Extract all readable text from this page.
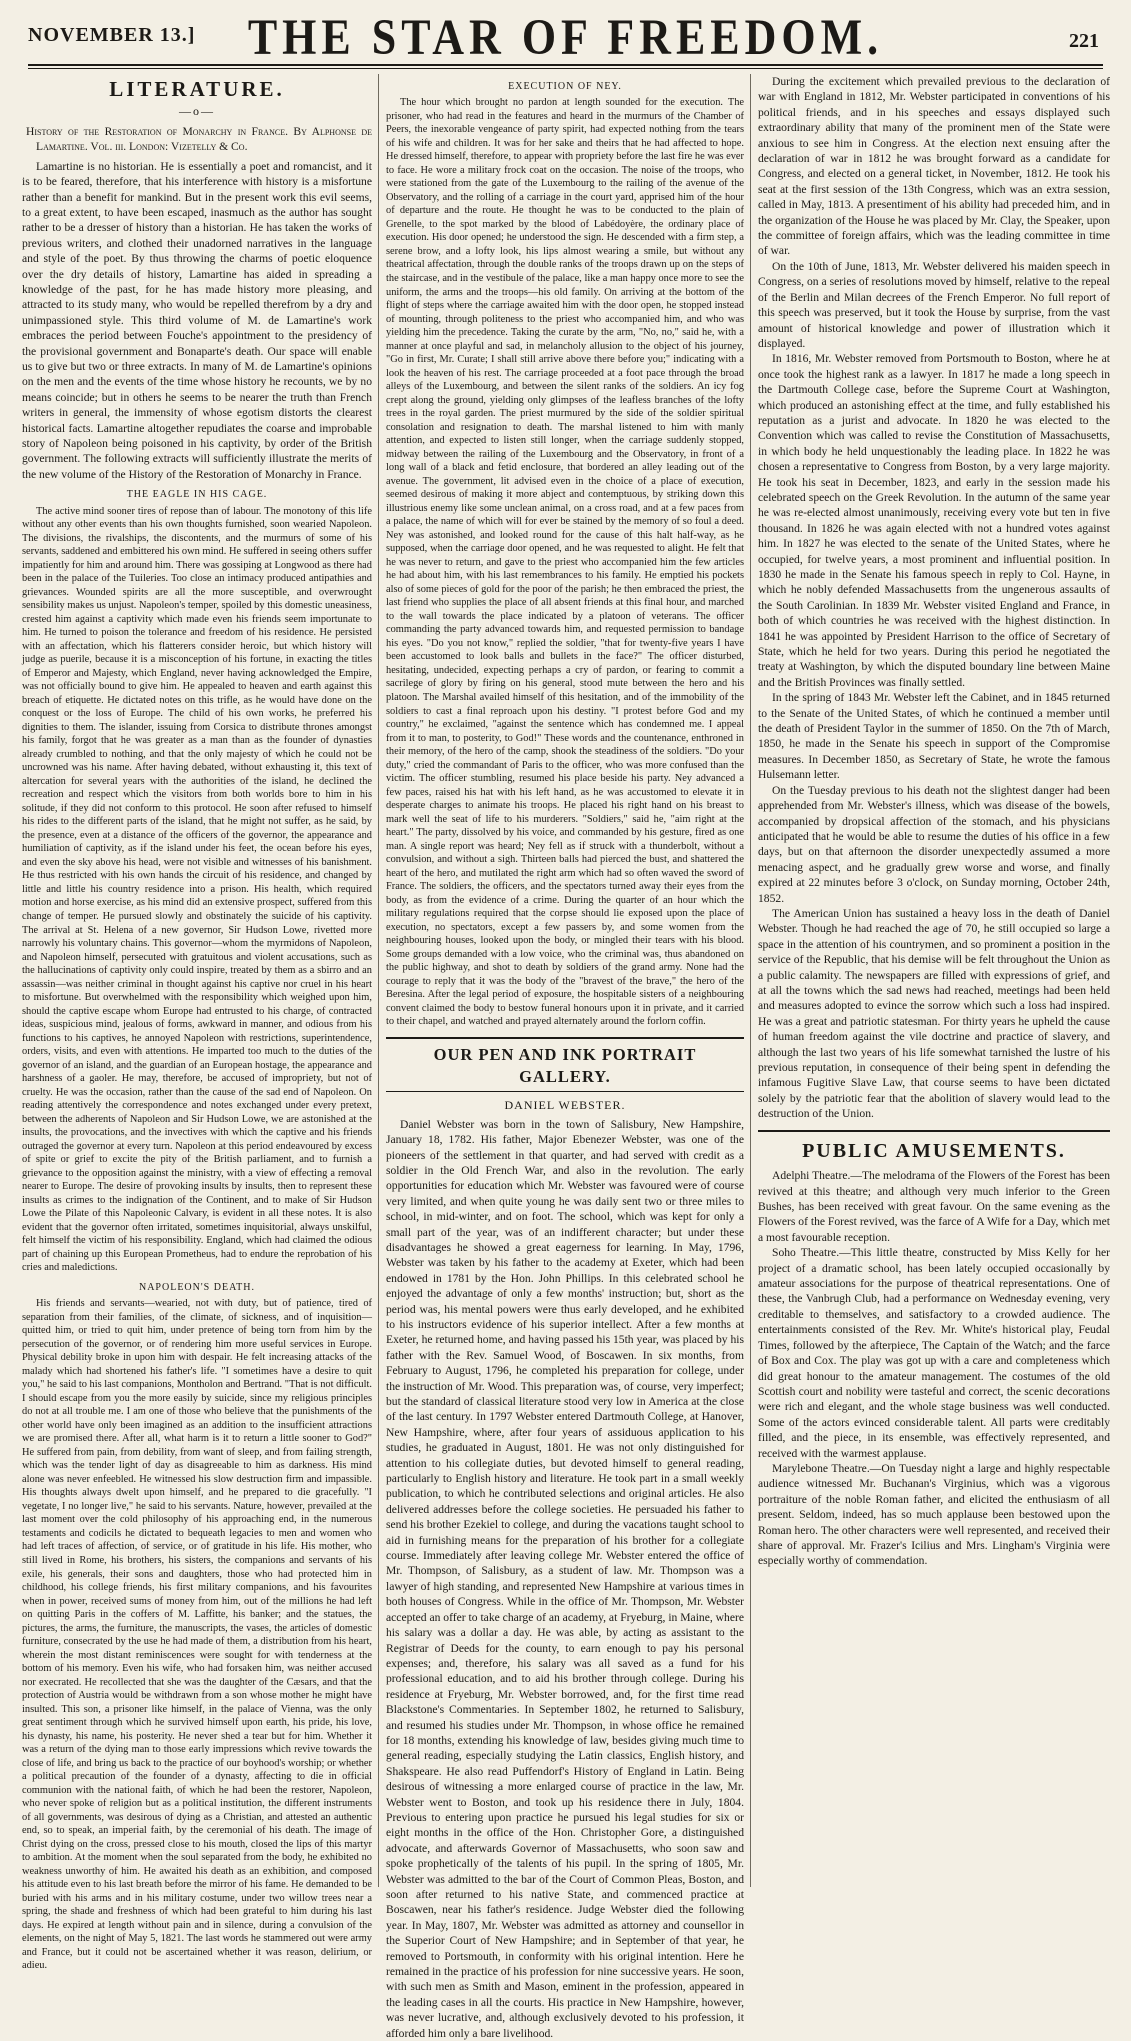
NOVEMBER 13.]	THE STAR OF FREEDOM.	221
LITERATURE.
—o—

History of the Restoration of Monarchy in France. By Alphonse de Lamartine. Vol. iii. London: Vizetelly & Co.

Lamartine is no historian. He is essentially a poet and romancist, and it is to be feared, therefore, that his interference with history is a misfortune rather than a benefit for mankind. But in the present work this evil seems, to a great extent, to have been escaped, inasmuch as the author has sought rather to be a dresser of history than a historian. He has taken the works of previous writers, and clothed their unadorned narratives in the language and style of the poet. By thus throwing the charms of poetic eloquence over the dry details of history, Lamartine has aided in spreading a knowledge of the past, for he has made history more pleasing, and attracted to its study many, who would be repelled therefrom by a dry and unimpassioned style. This third volume of M. de Lamartine's work embraces the period between Fouche's appointment to the presidency of the provisional government and Bonaparte's death. Our space will enable us to give but two or three extracts. In many of M. de Lamartine's opinions on the men and the events of the time whose history he recounts, we by no means coincide; but in others he seems to be nearer the truth than French writers in general, the immensity of whose egotism distorts the clearest historical facts. Lamartine altogether repudiates the coarse and improbable story of Napoleon being poisoned in his captivity, by order of the British government. The following extracts will sufficiently illustrate the merits of the new volume of the History of the Restoration of Monarchy in France.

THE EAGLE IN HIS CAGE.

The active mind sooner tires of repose than of labour. The monotony of this life without any other events than his own thoughts furnished, soon wearied Napoleon. The divisions, the rivalships, the discontents, and the murmurs of some of his servants, saddened and embittered his own mind. He suffered in seeing others suffer impatiently for him and around him. There was gossiping at Longwood as there had been in the palace of the Tuileries. Too close an intimacy produced antipathies and grievances. Wounded spirits are all the more susceptible, and overwrought sensibility makes us unjust. Napoleon's temper, spoiled by this domestic uneasiness, crested him against a captivity which made even his friends seem importunate to him. He turned to poison the tolerance and freedom of his residence. He persisted with an affectation, which his flatterers consider heroic, but which history will judge as puerile, because it is a misconception of his fortune, in exacting the titles of Emperor and Majesty, which England, never having acknowledged the Empire, was not officially bound to give him. He appealed to heaven and earth against this breach of etiquette. He dictated notes on this trifle, as he would have done on the conquest or the loss of Europe. The child of his own works, he preferred his dignities to them. The islander, issuing from Corsica to distribute thrones amongst his family, forgot that he was greater as a man than as the founder of dynasties already crumbled to nothing, and that the only majesty of which he could not be uncrowned was his name. After having debated, without exhausting it, this text of altercation for several years with the authorities of the island, he declined the recreation and respect which the visitors from both worlds bore to him in his solitude, if they did not conform to this protocol. He soon after refused to himself his rides to the different parts of the island, that he might not suffer, as he said, by the presence, even at a distance of the officers of the governor, the appearance and humiliation of captivity, as if the island under his feet, the ocean before his eyes, and even the sky above his head, were not visible and witnesses of his banishment. He thus restricted with his own hands the circuit of his residence, and changed by little and little his country residence into a prison. His health, which required motion and horse exercise, as his mind did an extensive prospect, suffered from this change of temper. He pursued slowly and obstinately the suicide of his captivity. The arrival at St. Helena of a new governor, Sir Hudson Lowe, rivetted more narrowly his voluntary chains. This governor—whom the myrmidons of Napoleon, and Napoleon himself, persecuted with gratuitous and violent accusations, such as the hallucinations of captivity only could inspire, treated by them as a sbirro and an assassin—was neither criminal in thought against his captive nor cruel in his heart to misfortune. But overwhelmed with the responsibility which weighed upon him, should the captive escape whom Europe had entrusted to his charge, of contracted ideas, suspicious mind, jealous of forms, awkward in manner, and odious from his functions to his captives, he annoyed Napoleon with restrictions, superintendence, orders, visits, and even with attentions. He imparted too much to the duties of the governor of an island, and the guardian of an European hostage, the appearance and harshness of a gaoler. He may, therefore, be accused of impropriety, but not of cruelty. He was the occasion, rather than the cause of the sad end of Napoleon. On reading attentively the correspondence and notes exchanged under every pretext, between the adherents of Napoleon and Sir Hudson Lowe, we are astonished at the insults, the provocations, and the invectives with which the captive and his friends outraged the governor at every turn. Napoleon at this period endeavoured by excess of spite or grief to excite the pity of the British parliament, and to furnish a grievance to the opposition against the ministry, with a view of effecting a removal nearer to Europe. The desire of provoking insults by insults, then to represent these insults as crimes to the indignation of the Continent, and to make of Sir Hudson Lowe the Pilate of this Napoleonic Calvary, is evident in all these notes. It is also evident that the governor often irritated, sometimes inquisitorial, always unskilful, felt himself the victim of his responsibility. England, which had claimed the odious part of chaining up this European Prometheus, had to endure the reprobation of his cries and maledictions.

NAPOLEON'S DEATH.

His friends and servants—wearied, not with duty, but of patience, tired of separation from their families, of the climate, of sickness, and of inquisition—quitted him, or tried to quit him, under pretence of being torn from him by the persecution of the governor, or of rendering him more useful services in Europe. Physical debility broke in upon him with despair. He felt increasing attacks of the malady which had shortened his father's life. "I sometimes have a desire to quit you," he said to his last companions, Montholon and Bertrand. "That is not difficult. I should escape from you the more easily by suicide, since my religious principles do not at all trouble me. I am one of those who believe that the punishments of the other world have only been imagined as an addition to the insufficient attractions we are promised there. After all, what harm is it to return a little sooner to God?" He suffered from pain, from debility, from want of sleep, and from failing strength, which was the tender light of day as disagreeable to him as darkness. His mind alone was never enfeebled. He witnessed his slow destruction firm and impassible. His thoughts always dwelt upon himself, and he prepared to die gracefully. "I vegetate, I no longer live," he said to his servants. Nature, however, prevailed at the last moment over the cold philosophy of his approaching end, in the numerous testaments and codicils he dictated to bequeath legacies to men and women who had left traces of affection, of service, or of gratitude in his life. His mother, who still lived in Rome, his brothers, his sisters, the companions and servants of his exile, his generals, their sons and daughters, those who had protected him in childhood, his college friends, his first military companions, and his favourites when in power, received sums of money from him, out of the millions he had left on quitting Paris in the coffers of M. Laffitte, his banker; and the statues, the pictures, the arms, the furniture, the manuscripts, the vases, the articles of domestic furniture, consecrated by the use he had made of them, a distribution from his heart, wherein the most distant reminiscences were sought for with tenderness at the bottom of his memory. Even his wife, who had forsaken him, was neither accused nor execrated. He recollected that she was the daughter of the Cæsars, and that the protection of Austria would be withdrawn from a son whose mother he might have insulted. This son, a prisoner like himself, in the palace of Vienna, was the only great sentiment through which he survived himself upon earth, his pride, his love, his dynasty, his name, his posterity. He never shed a tear but for him. Whether it was a return of the dying man to those early impressions which revive towards the close of life, and bring us back to the practice of our boyhood's worship; or whether a political precaution of the founder of a dynasty, affecting to die in official communion with the national faith, of which he had been the restorer, Napoleon, who never spoke of religion but as a political institution, the different instruments of all governments, was desirous of dying as a Christian, and attested an authentic end, so to speak, an imperial faith, by the ceremonial of his death. The image of Christ dying on the cross, pressed close to his mouth, closed the lips of this martyr to ambition. At the moment when the soul separated from the body, he exhibited no weakness unworthy of him. He awaited his death as an exhibition, and composed his attitude even to his last breath before the mirror of his fame. He demanded to be buried with his arms and in his military costume, under two willow trees near a spring, the shade and freshness of which had been grateful to him during his last days. He expired at length without pain and in silence, during a convulsion of the elements, on the night of May 5, 1821. The last words he stammered out were army and France, but it could not be ascertained whether it was reason, delirium, or adieu.

EXECUTION OF NEY.

The hour which brought no pardon at length sounded for the execution. The prisoner, who had read in the features and heard in the murmurs of the Chamber of Peers, the inexorable vengeance of party spirit, had expected nothing from the tears of his wife and children. It was for her sake and theirs that he had affected to hope. He dressed himself, therefore, to appear with propriety before the last fire he was ever to face. He wore a military frock coat on the occasion. The noise of the troops, who were stationed from the gate of the Luxembourg to the railing of the avenue of the Observatory, and the rolling of a carriage in the court yard, apprised him of the hour of departure and the route. He thought he was to be conducted to the plain of Grenelle, to the spot marked by the blood of Labédoyère, the ordinary place of execution. His door opened; he understood the sign. He descended with a firm step, a serene brow, and a lofty look, his lips almost wearing a smile, but without any theatrical affectation, through the double ranks of the troops drawn up on the steps of the staircase, and in the vestibule of the palace, like a man happy once more to see the uniform, the arms and the troops—his old family. On arriving at the bottom of the flight of steps where the carriage awaited him with the door open, he stopped instead of mounting, through politeness to the priest who accompanied him, and who was yielding him the precedence. Taking the curate by the arm, "No, no," said he, with a manner at once playful and sad, in melancholy allusion to the object of his journey, "Go in first, Mr. Curate; I shall still arrive above there before you;" indicating with a look the heaven of his rest. The carriage proceeded at a foot pace through the broad alleys of the Luxembourg, and between the silent ranks of the soldiers. An icy fog crept along the ground, yielding only glimpses of the leafless branches of the lofty trees in the royal garden. The priest murmured by the side of the soldier spiritual consolation and resignation to death. The marshal listened to him with manly attention, and expected to listen still longer, when the carriage suddenly stopped, midway between the railing of the Luxembourg and the Observatory, in front of a long wall of a black and fetid enclosure, that bordered an alley leading out of the avenue. The government, lit advised even in the choice of a place of execution, seemed desirous of making it more abject and contemptuous, by striking down this illustrious enemy like some unclean animal, on a cross road, and at a few paces from a palace, the name of which will for ever be stained by the memory of so foul a deed. Ney was astonished, and looked round for the cause of this halt half-way, as he supposed, when the carriage door opened, and he was requested to alight. He felt that he was never to return, and gave to the priest who accompanied him the few articles he had about him, with his last remembrances to his family. He emptied his pockets also of some pieces of gold for the poor of the parish; he then embraced the priest, the last friend who supplies the place of all absent friends at this final hour, and marched to the wall towards the place indicated by a platoon of veterans. The officer commanding the party advanced towards him, and requested permission to bandage his eyes. "Do you not know," replied the soldier, "that for twenty-five years I have been accustomed to look balls and bullets in the face?" The officer disturbed, hesitating, undecided, expecting perhaps a cry of pardon, or fearing to commit a sacrilege of glory by firing on his general, stood mute between the hero and his platoon. The Marshal availed himself of this hesitation, and of the immobility of the soldiers to cast a final reproach upon his destiny. "I protest before God and my country," he exclaimed, "against the sentence which has condemned me. I appeal from it to man, to posterity, to God!" These words and the countenance, enthroned in their memory, of the hero of the camp, shook the steadiness of the soldiers. "Do your duty," cried the commandant of Paris to the officer, who was more confused than the victim. The officer stumbling, resumed his place beside his party. Ney advanced a few paces, raised his hat with his left hand, as he was accustomed to elevate it in desperate charges to animate his troops. He placed his right hand on his breast to mark well the seat of life to his murderers. "Soldiers," said he, "aim right at the heart." The party, dissolved by his voice, and commanded by his gesture, fired as one man. A single report was heard; Ney fell as if struck with a thunderbolt, without a convulsion, and without a sigh. Thirteen balls had pierced the bust, and shattered the heart of the hero, and mutilated the right arm which had so often waved the sword of France. The soldiers, the officers, and the spectators turned away their eyes from the body, as from the evidence of a crime. During the quarter of an hour which the military regulations required that the corpse should lie exposed upon the place of execution, no spectators, except a few passers by, and some women from the neighbouring houses, looked upon the body, or mingled their tears with his blood. Some groups demanded with a low voice, who the criminal was, thus abandoned on the public highway, and shot to death by soldiers of the grand army. None had the courage to reply that it was the body of the "bravest of the brave," the hero of the Beresina. After the legal period of exposure, the hospitable sisters of a neighbouring convent claimed the body to bestow funeral honours upon it in private, and it carried to their chapel, and watched and prayed alternately around the forlorn coffin.

OUR PEN AND INK PORTRAIT GALLERY.
DANIEL WEBSTER.

Daniel Webster was born in the town of Salisbury, New Hampshire, January 18, 1782. His father, Major Ebenezer Webster, was one of the pioneers of the settlement in that quarter, and had served with credit as a soldier in the Old French War, and also in the revolution. The early opportunities for education which Mr. Webster was favoured were of course very limited, and when quite young he was daily sent two or three miles to school, in mid-winter, and on foot. The school, which was kept for only a small part of the year, was of an indifferent character; but under these disadvantages he showed a great eagerness for learning. In May, 1796, Webster was taken by his father to the academy at Exeter, which had been endowed in 1781 by the Hon. John Phillips. In this celebrated school he enjoyed the advantage of only a few months' instruction; but, short as the period was, his mental powers were thus early developed, and he exhibited to his instructors evidence of his superior intellect. After a few months at Exeter, he returned home, and having passed his 15th year, was placed by his father with the Rev. Samuel Wood, of Boscawen. In six months, from February to August, 1796, he completed his preparation for college, under the instruction of Mr. Wood. This preparation was, of course, very imperfect; but the standard of classical literature stood very low in America at the close of the last century. In 1797 Webster entered Dartmouth College, at Hanover, New Hampshire, where, after four years of assiduous application to his studies, he graduated in August, 1801. He was not only distinguished for attention to his collegiate duties, but devoted himself to general reading, particularly to English history and literature. He took part in a small weekly publication, to which he contributed selections and original articles. He also delivered addresses before the college societies. He persuaded his father to send his brother Ezekiel to college, and during the vacations taught school to aid in furnishing means for the preparation of his brother for a collegiate course. Immediately after leaving college Mr. Webster entered the office of Mr. Thompson, of Salisbury, as a student of law. Mr. Thompson was a lawyer of high standing, and represented New Hampshire at various times in both houses of Congress. While in the office of Mr. Thompson, Mr. Webster accepted an offer to take charge of an academy, at Fryeburg, in Maine, where his salary was a dollar a day. He was able, by acting as assistant to the Registrar of Deeds for the county, to earn enough to pay his personal expenses; and, therefore, his salary was all saved as a fund for his professional education, and to aid his brother through college. During his residence at Fryeburg, Mr. Webster borrowed, and, for the first time read Blackstone's Commentaries. In September 1802, he returned to Salisbury, and resumed his studies under Mr. Thompson, in whose office he remained for 18 months, extending his knowledge of law, besides giving much time to general reading, especially studying the Latin classics, English history, and Shakspeare. He also read Puffendorf's History of England in Latin. Being desirous of witnessing a more enlarged course of practice in the law, Mr. Webster went to Boston, and took up his residence there in July, 1804. Previous to entering upon practice he pursued his legal studies for six or eight months in the office of the Hon. Christopher Gore, a distinguished advocate, and afterwards Governor of Massachusetts, who soon saw and spoke prophetically of the talents of his pupil. In the spring of 1805, Mr. Webster was admitted to the bar of the Court of Common Pleas, Boston, and soon after returned to his native State, and commenced practice at Boscawen, near his father's residence. Judge Webster died the following year. In May, 1807, Mr. Webster was admitted as attorney and counsellor in the Superior Court of New Hampshire; and in September of that year, he removed to Portsmouth, in conformity with his original intention. Here he remained in the practice of his profession for nine successive years. He soon, with such men as Smith and Mason, eminent in the profession, appeared in the leading cases in all the courts. His practice in New Hampshire, however, was never lucrative, and, although exclusively devoted to his profession, it afforded him only a bare livelihood.

During the excitement which prevailed previous to the declaration of war with England in 1812, Mr. Webster participated in conventions of his political friends, and in his speeches and essays displayed such extraordinary ability that many of the prominent men of the State were anxious to see him in Congress. At the election next ensuing after the declaration of war in 1812 he was brought forward as a candidate for Congress, and elected on a general ticket, in November, 1812. He took his seat at the first session of the 13th Congress, which was an extra session, called in May, 1813. A presentiment of his ability had preceded him, and in the organization of the House he was placed by Mr. Clay, the Speaker, upon the committee of foreign affairs, which was the leading committee in time of war.

On the 10th of June, 1813, Mr. Webster delivered his maiden speech in Congress, on a series of resolutions moved by himself, relative to the repeal of the Berlin and Milan decrees of the French Emperor. No full report of this speech was preserved, but it took the House by surprise, from the vast amount of historical knowledge and power of illustration which it displayed.

In 1816, Mr. Webster removed from Portsmouth to Boston, where he at once took the highest rank as a lawyer. In 1817 he made a long speech in the Dartmouth College case, before the Supreme Court at Washington, which produced an astonishing effect at the time, and fully established his reputation as a jurist and advocate. In 1820 he was elected to the Convention which was called to revise the Constitution of Massachusetts, in which body he held unquestionably the leading place. In 1822 he was chosen a representative to Congress from Boston, by a very large majority. He took his seat in December, 1823, and early in the session made his celebrated speech on the Greek Revolution. In the autumn of the same year he was re-elected almost unanimously, receiving every vote but ten in five thousand. In 1826 he was again elected with not a hundred votes against him. In 1827 he was elected to the senate of the United States, where he occupied, for twelve years, a most prominent and influential position. In 1830 he made in the Senate his famous speech in reply to Col. Hayne, in which he nobly defended Massachusetts from the ungenerous assaults of the South Carolinian. In 1839 Mr. Webster visited England and France, in both of which countries he was received with the highest distinction. In 1841 he was appointed by President Harrison to the office of Secretary of State, which he held for two years. During this period he negotiated the treaty at Washington, by which the disputed boundary line between Maine and the British Provinces was finally settled.

In the spring of 1843 Mr. Webster left the Cabinet, and in 1845 returned to the Senate of the United States, of which he continued a member until the death of President Taylor in the summer of 1850. On the 7th of March, 1850, he made in the Senate his speech in support of the Compromise measures. In December 1850, as Secretary of State, he wrote the famous Hulsemann letter.

On the Tuesday previous to his death not the slightest danger had been apprehended from Mr. Webster's illness, which was disease of the bowels, accompanied by dropsical affection of the stomach, and his physicians anticipated that he would be able to resume the duties of his office in a few days, but on that afternoon the disorder unexpectedly assumed a more menacing aspect, and he gradually grew worse and worse, and finally expired at 22 minutes before 3 o'clock, on Sunday morning, October 24th, 1852.

The American Union has sustained a heavy loss in the death of Daniel Webster. Though he had reached the age of 70, he still occupied so large a space in the attention of his countrymen, and so prominent a position in the service of the Republic, that his demise will be felt throughout the Union as a public calamity. The newspapers are filled with expressions of grief, and at all the towns which the sad news had reached, meetings had been held and measures adopted to evince the sorrow which such a loss had inspired. He was a great and patriotic statesman. For thirty years he upheld the cause of human freedom against the vile doctrine and practice of slavery, and although the last two years of his life somewhat tarnished the lustre of his previous reputation, in consequence of their being spent in defending the infamous Fugitive Slave Law, that course seems to have been dictated solely by the patriotic fear that the abolition of slavery would lead to the destruction of the Union.

PUBLIC AMUSEMENTS.

Adelphi Theatre.—The melodrama of the Flowers of the Forest has been revived at this theatre; and although very much inferior to the Green Bushes, has been received with great favour. On the same evening as the Flowers of the Forest revived, was the farce of A Wife for a Day, which met a most favourable reception.

Soho Theatre.—This little theatre, constructed by Miss Kelly for her project of a dramatic school, has been lately occupied occasionally by amateur associations for the purpose of theatrical representations. One of these, the Vanbrugh Club, had a performance on Wednesday evening, very creditable to themselves, and satisfactory to a crowded audience. The entertainments consisted of the Rev. Mr. White's historical play, Feudal Times, followed by the afterpiece, The Captain of the Watch; and the farce of Box and Cox. The play was got up with a care and completeness which did great honour to the amateur management. The costumes of the old Scottish court and nobility were tasteful and correct, the scenic decorations were rich and elegant, and the whole stage business was well conducted. Some of the actors evinced considerable talent. All parts were creditably filled, and the piece, in its ensemble, was effectively represented, and received with the warmest applause.

Marylebone Theatre.—On Tuesday night a large and highly respectable audience witnessed Mr. Buchanan's Virginius, which was a vigorous portraiture of the noble Roman father, and elicited the enthusiasm of all present. Seldom, indeed, has so much applause been bestowed upon the Roman hero. The other characters were well represented, and received their share of approval. Mr. Frazer's Icilius and Mrs. Lingham's Virginia were especially worthy of commendation.
